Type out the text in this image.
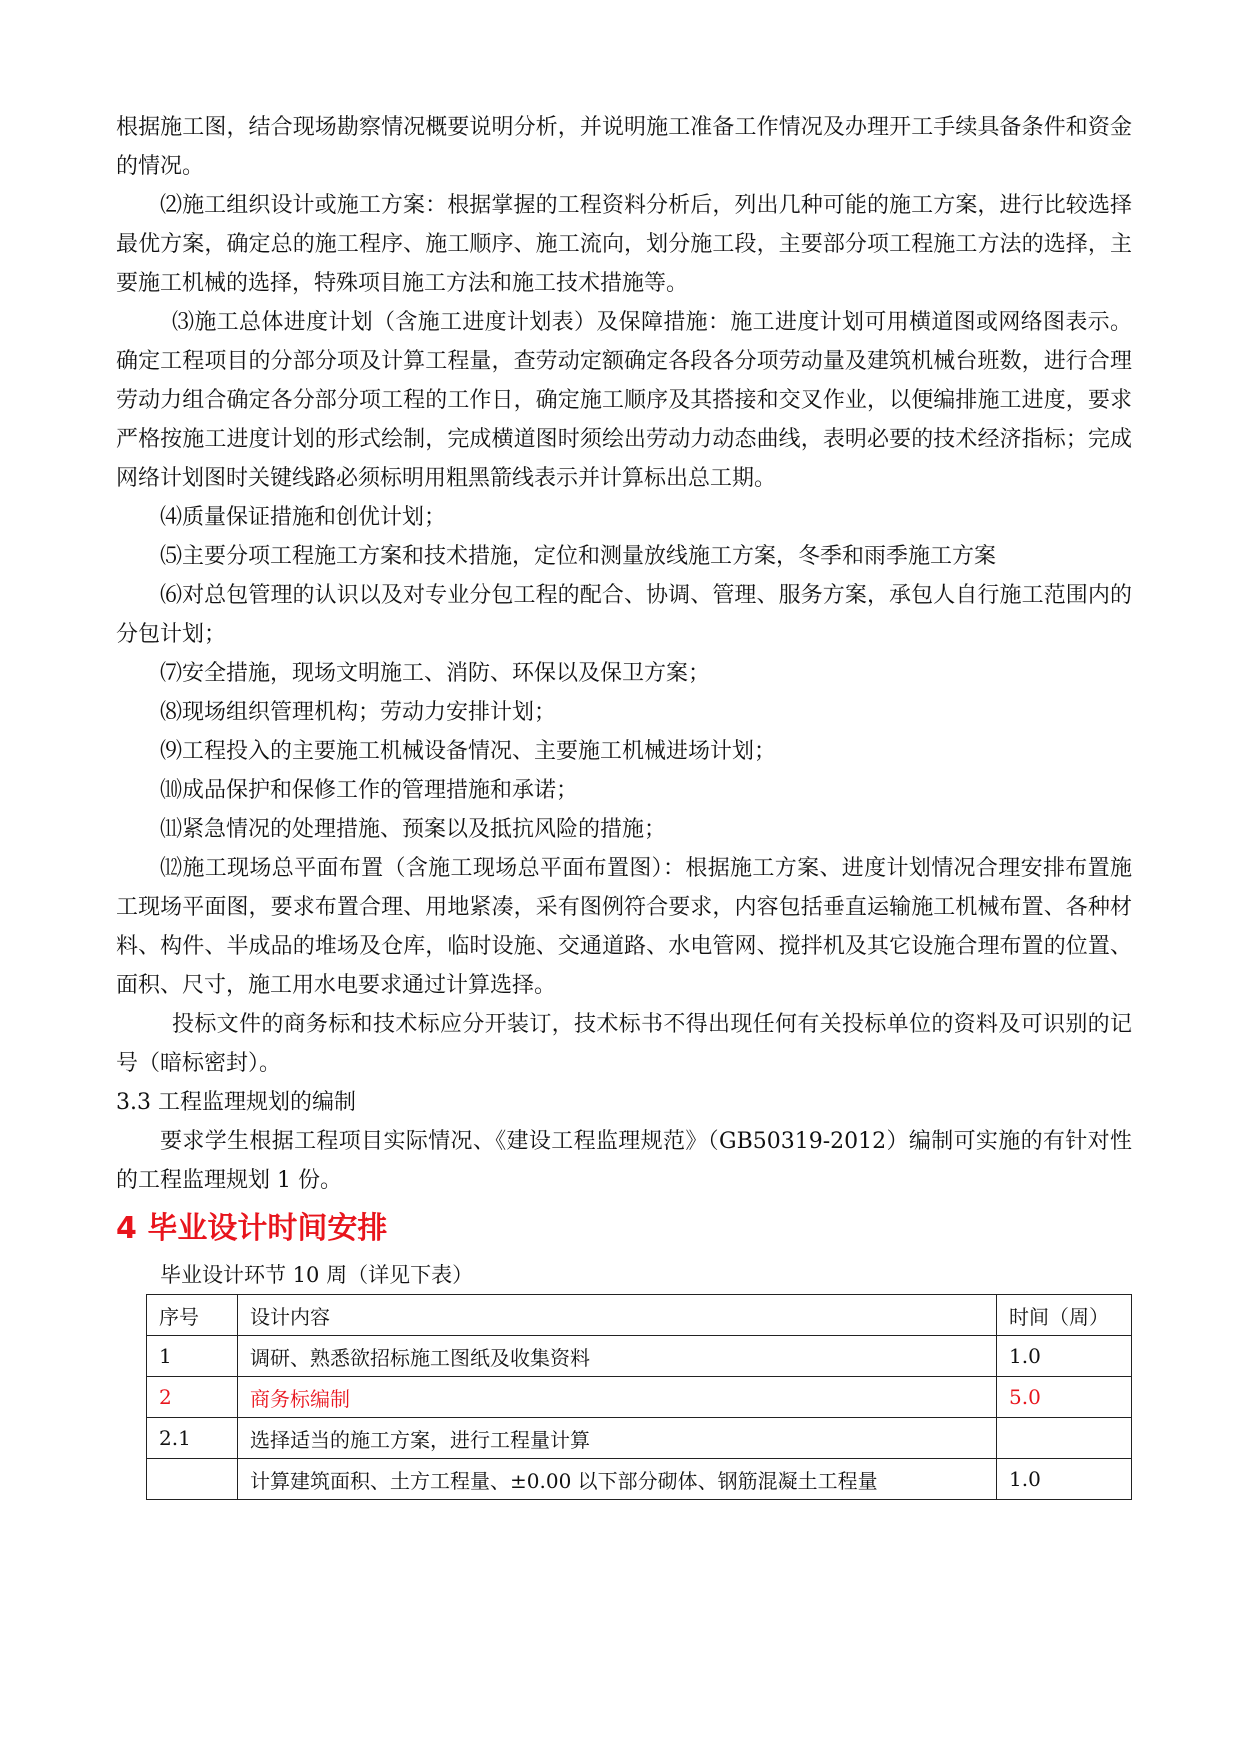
根据施工图，结合现场勘察情况概要说明分析，并说明施工准备工作情况及办理开工手续具备条件和资金的情况。

⑵施工组织设计或施工方案：根据掌握的工程资料分析后，列出几种可能的施工方案，进行比较选择最优方案，确定总的施工程序、施工顺序、施工流向，划分施工段，主要部分项工程施工方法的选择，主要施工机械的选择，特殊项目施工方法和施工技术措施等。

⑶施工总体进度计划（含施工进度计划表）及保障措施：施工进度计划可用横道图或网络图表示。确定工程项目的分部分项及计算工程量，查劳动定额确定各段各分项劳动量及建筑机械台班数，进行合理劳动力组合确定各分部分项工程的工作日，确定施工顺序及其搭接和交叉作业，以便编排施工进度，要求严格按施工进度计划的形式绘制，完成横道图时须绘出劳动力动态曲线，表明必要的技术经济指标；完成网络计划图时关键线路必须标明用粗黑箭线表示并计算标出总工期。

⑷质量保证措施和创优计划；

⑸主要分项工程施工方案和技术措施，定位和测量放线施工方案，冬季和雨季施工方案

⑹对总包管理的认识以及对专业分包工程的配合、协调、管理、服务方案，承包人自行施工范围内的分包计划；

⑺安全措施，现场文明施工、消防、环保以及保卫方案；

⑻现场组织管理机构；劳动力安排计划；

⑼工程投入的主要施工机械设备情况、主要施工机械进场计划；

⑽成品保护和保修工作的管理措施和承诺；

⑾紧急情况的处理措施、预案以及抵抗风险的措施；

⑿施工现场总平面布置（含施工现场总平面布置图）：根据施工方案、进度计划情况合理安排布置施工现场平面图，要求布置合理、用地紧凑，采有图例符合要求，内容包括垂直运输施工机械布置、各种材料、构件、半成品的堆场及仓库，临时设施、交通道路、水电管网、搅拌机及其它设施合理布置的位置、面积、尺寸，施工用水电要求通过计算选择。

投标文件的商务标和技术标应分开装订，技术标书不得出现任何有关投标单位的资料及可识别的记号（暗标密封）。

3.3 工程监理规划的编制

要求学生根据工程项目实际情况、《建设工程监理规范》（GB50319-2012）编制可实施的有针对性的工程监理规划 1 份。

4 毕业设计时间安排

毕业设计环节 10 周（详见下表）

序号	设计内容	时间（周）
1	调研、熟悉欲招标施工图纸及收集资料	1.0
2	商务标编制	5.0
2.1	选择适当的施工方案，进行工程量计算	
	计算建筑面积、土方工程量、±0.00 以下部分砌体、钢筋混凝土工程量	1.0
